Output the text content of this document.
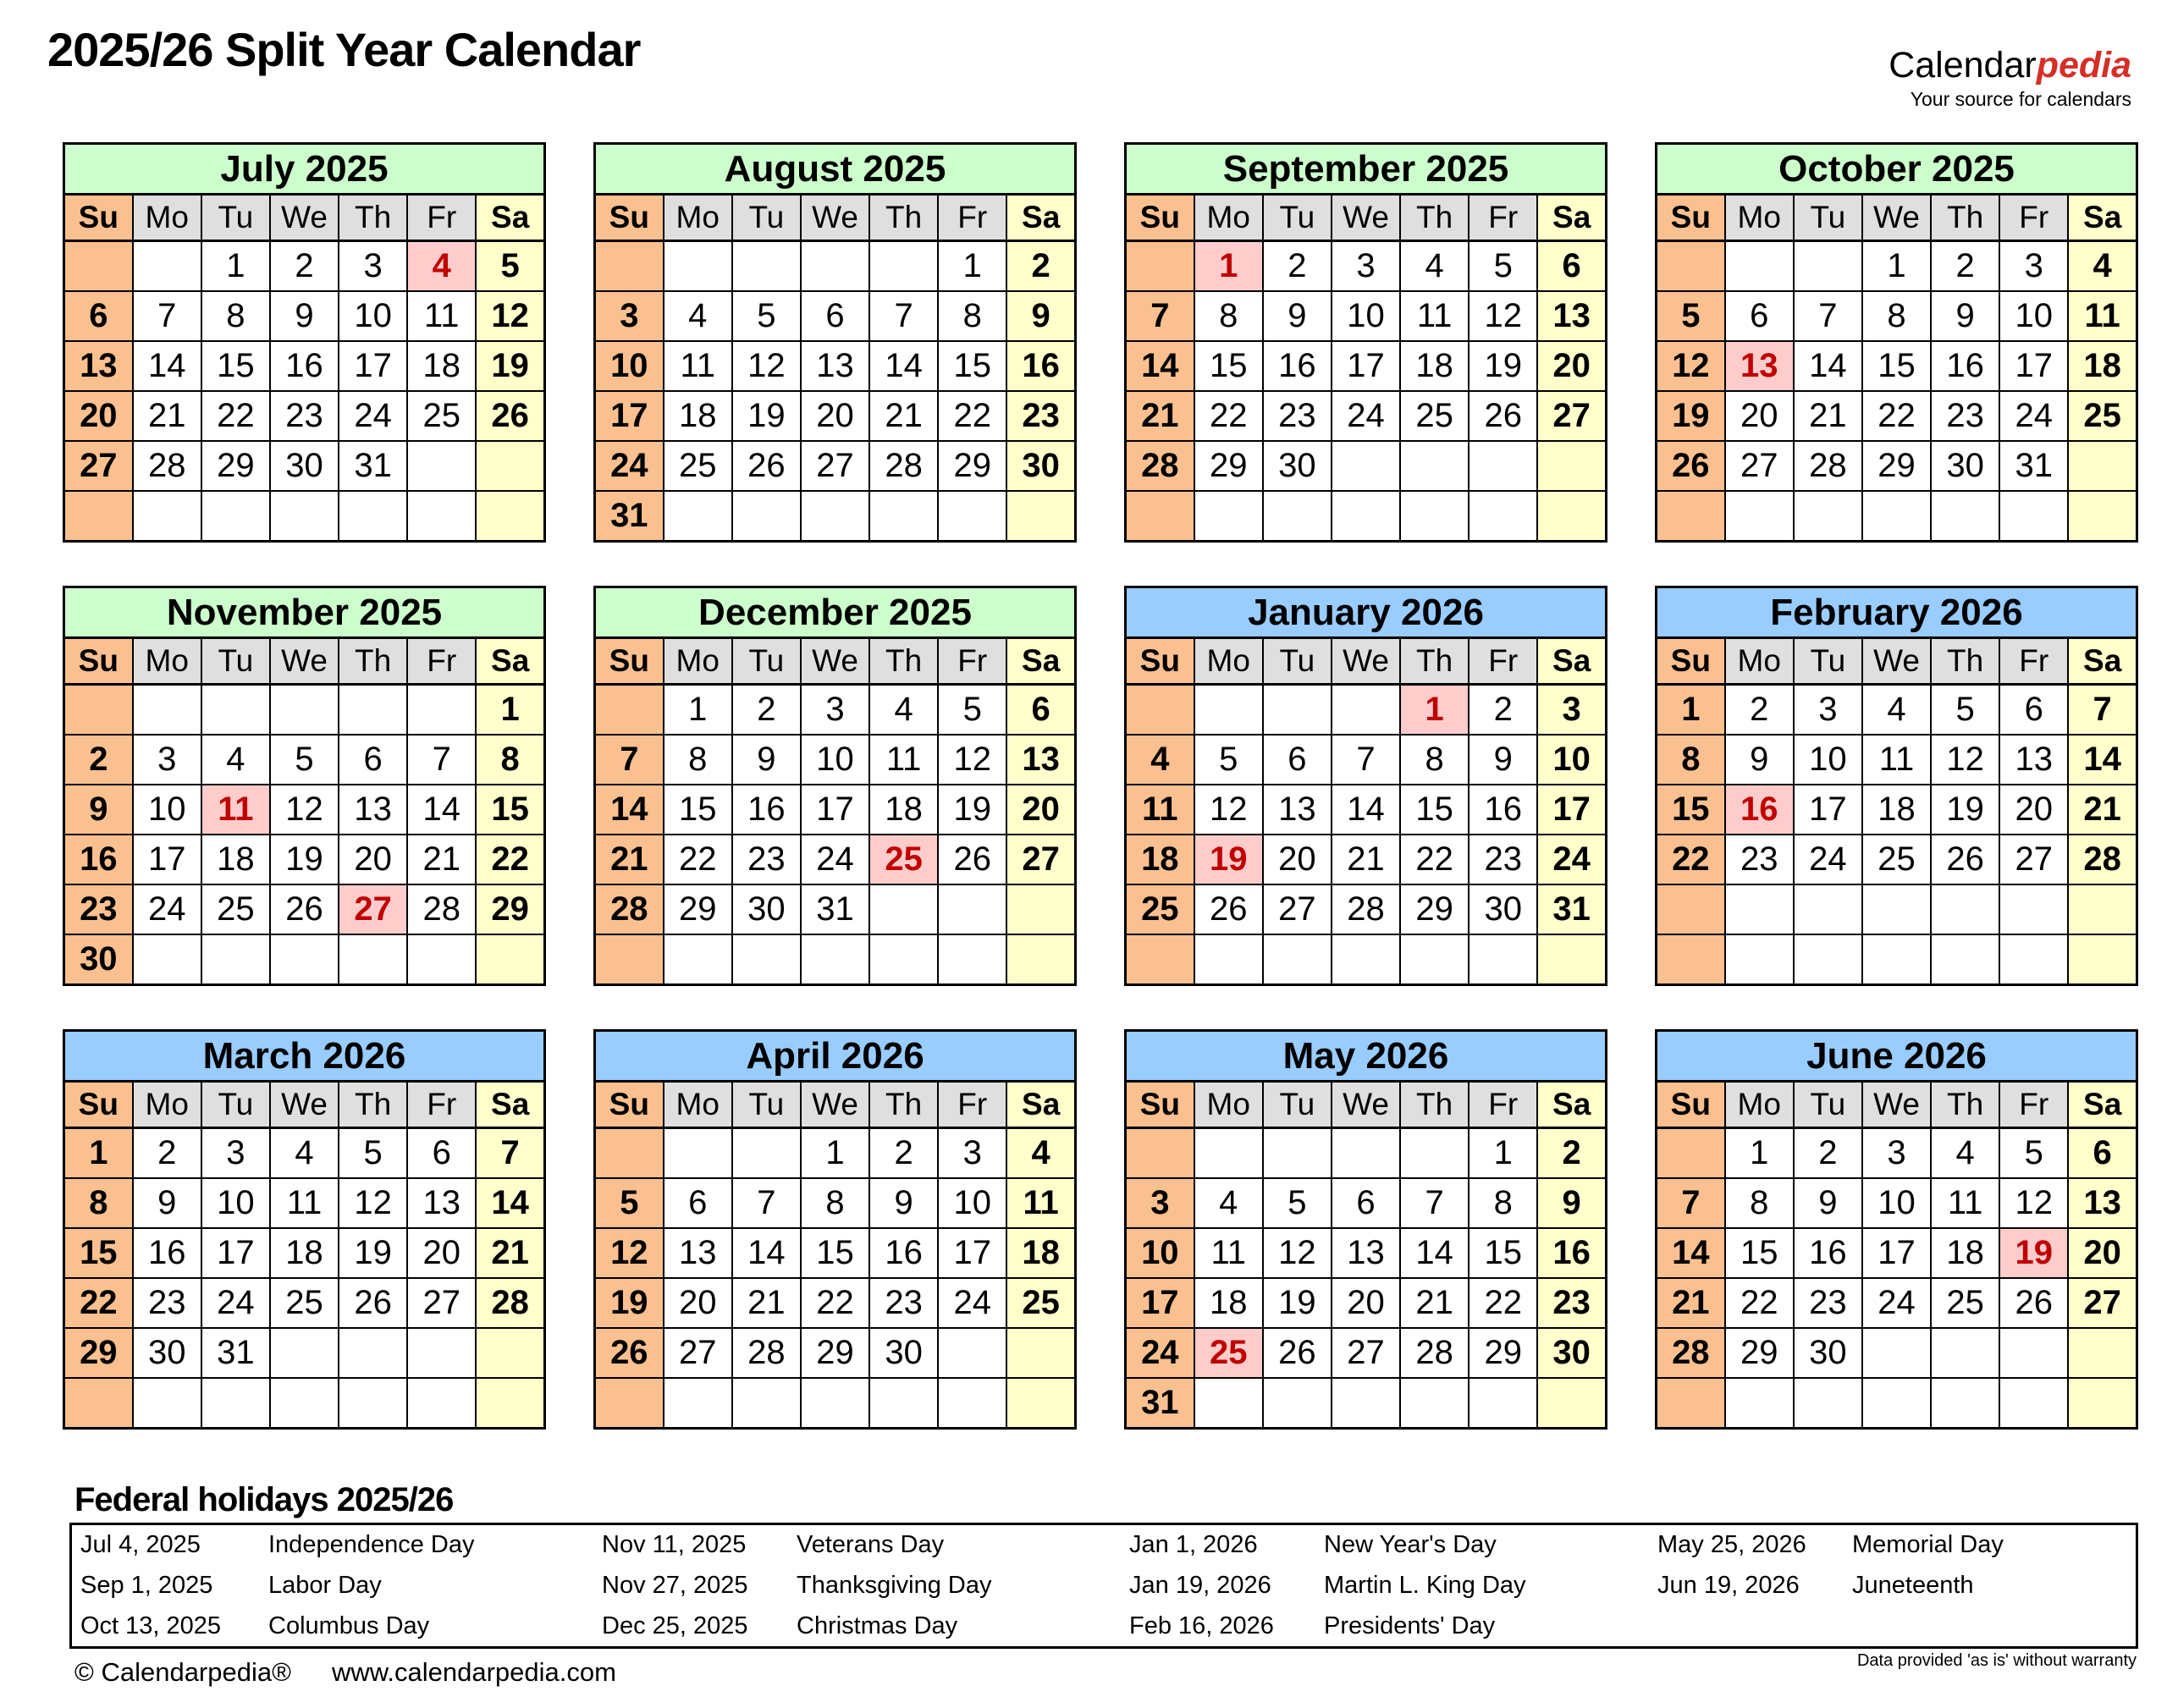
2025/26 Split Year Calendar	Calendarpedia
Your source for calendars
July 2025						
Su	Mo	Tu	We	Th	Fr	Sa
		1	2	3	4	5
6	7	8	9	10	11	12
13	14	15	16	17	18	19
20	21	22	23	24	25	26
27	28	29	30	31		

August 2025						
Su	Mo	Tu	We	Th	Fr	Sa
					1	2
3	4	5	6	7	8	9
10	11	12	13	14	15	16
17	18	19	20	21	22	23
24	25	26	27	28	29	30
31						
September 2025						
Su	Mo	Tu	We	Th	Fr	Sa
	1	2	3	4	5	6
7	8	9	10	11	12	13
14	15	16	17	18	19	20
21	22	23	24	25	26	27
28	29	30				

October 2025						
Su	Mo	Tu	We	Th	Fr	Sa
			1	2	3	4
5	6	7	8	9	10	11
12	13	14	15	16	17	18
19	20	21	22	23	24	25
26	27	28	29	30	31	

November 2025						
Su	Mo	Tu	We	Th	Fr	Sa
						1
2	3	4	5	6	7	8
9	10	11	12	13	14	15
16	17	18	19	20	21	22
23	24	25	26	27	28	29
30						
December 2025						
Su	Mo	Tu	We	Th	Fr	Sa
	1	2	3	4	5	6
7	8	9	10	11	12	13
14	15	16	17	18	19	20
21	22	23	24	25	26	27
28	29	30	31			

January 2026						
Su	Mo	Tu	We	Th	Fr	Sa
				1	2	3
4	5	6	7	8	9	10
11	12	13	14	15	16	17
18	19	20	21	22	23	24
25	26	27	28	29	30	31

February 2026						
Su	Mo	Tu	We	Th	Fr	Sa
1	2	3	4	5	6	7
8	9	10	11	12	13	14
15	16	17	18	19	20	21
22	23	24	25	26	27	28

March 2026						
Su	Mo	Tu	We	Th	Fr	Sa
1	2	3	4	5	6	7
8	9	10	11	12	13	14
15	16	17	18	19	20	21
22	23	24	25	26	27	28
29	30	31				

April 2026						
Su	Mo	Tu	We	Th	Fr	Sa
			1	2	3	4
5	6	7	8	9	10	11
12	13	14	15	16	17	18
19	20	21	22	23	24	25
26	27	28	29	30		

May 2026						
Su	Mo	Tu	We	Th	Fr	Sa
					1	2
3	4	5	6	7	8	9
10	11	12	13	14	15	16
17	18	19	20	21	22	23
24	25	26	27	28	29	30
31						
June 2026						
Su	Mo	Tu	We	Th	Fr	Sa
	1	2	3	4	5	6
7	8	9	10	11	12	13
14	15	16	17	18	19	20
21	22	23	24	25	26	27
28	29	30				

Federal holidays 2025/26
Jul 4, 2025	Independence Day
Sep 1, 2025	Labor Day
Oct 13, 2025	Columbus Day
Nov 11, 2025	Veterans Day
Nov 27, 2025	Thanksgiving Day
Dec 25, 2025	Christmas Day
Jan 1, 2026	New Year's Day
Jan 19, 2026	Martin L. King Day
Feb 16, 2026	Presidents' Day
May 25, 2026	Memorial Day
Jun 19, 2026	Juneteenth
© Calendarpedia® www.calendarpedia.com	Data provided 'as is' without warranty
